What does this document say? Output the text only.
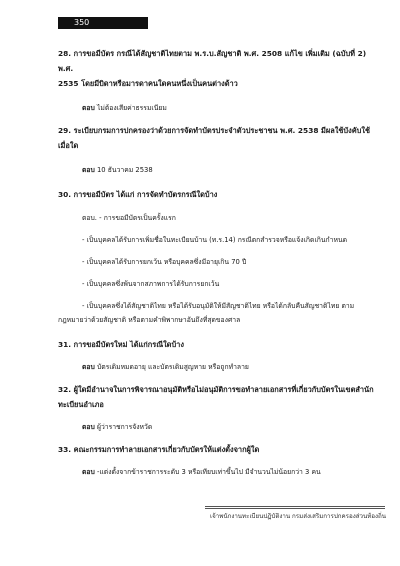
350

28. การขอมีบัตร กรณีได้สัญชาติไทยตาม พ.ร.บ.สัญชาติ พ.ศ. 2508 แก้ไข เพิ่มเติม (ฉบับที่ 2) พ.ศ.
2535 โดยมีบิดาหรือมารดาคนใดคนหนึ่งเป็นคนต่างด้าว

ตอบ ไม่ต้องเสียค่าธรรมเนียม

29. ระเบียบกรมการปกครองว่าด้วยการจัดทำบัตรประจำตัวประชาชน พ.ศ. 2538 มีผลใช้บังคับใช้
เมื่อใด

ตอบ 10 ธันวาคม 2538

30. การขอมีบัตร ได้แก่ การจัดทำบัตรกรณีใดบ้าง

ตอบ. - การขอมีบัตรเป็นครั้งแรก

- เป็นบุคคลได้รับการเพิ่มชื่อในทะเบียนบ้าน (ท.ร.14) กรณีตกสำรวจหรือแจ้งเกิดเกินกำหนด

- เป็นบุคคลได้รับการยกเว้น หรือบุคคลซึ่งมีอายุเกิน 70 ปี

- เป็นบุคคลซึ่งพ้นจากสภาพการได้รับการยกเว้น

- เป็นบุคคลซึ่งได้สัญชาติไทย หรือได้รับอนุมัติให้มีสัญชาติไทย หรือได้กลับคืนสัญชาติไทย ตาม

กฎหมายว่าด้วยสัญชาติ หรือตามคำพิพากษาอันถึงที่สุดของศาล

31. การขอมีบัตรใหม่ ได้แก่กรณีใดบ้าง

ตอบ บัตรเดิมหมดอายุ และบัตรเดิมสูญหาย หรือถูกทำลาย

32. ผู้ใดมีอำนาจในการพิจารณาอนุมัติหรือไม่อนุมัติการขอทำลายเอกสารที่เกี่ยวกับบัตรในเขตสำนัก
ทะเบียนอำเภอ

ตอบ ผู้ว่าราชการจังหวัด

33. คณะกรรมการทำลายเอกสารเกี่ยวกับบัตรให้แต่งตั้งจากผู้ใด

ตอบ -แต่งตั้งจากข้าราชการระดับ 3 หรือเทียบเท่าขึ้นไป มีจำนวนไม่น้อยกว่า 3 คน

เจ้าพนักงานทะเบียนปฏิบัติงาน กรมส่งเสริมการปกครองส่วนท้องถิ่น
